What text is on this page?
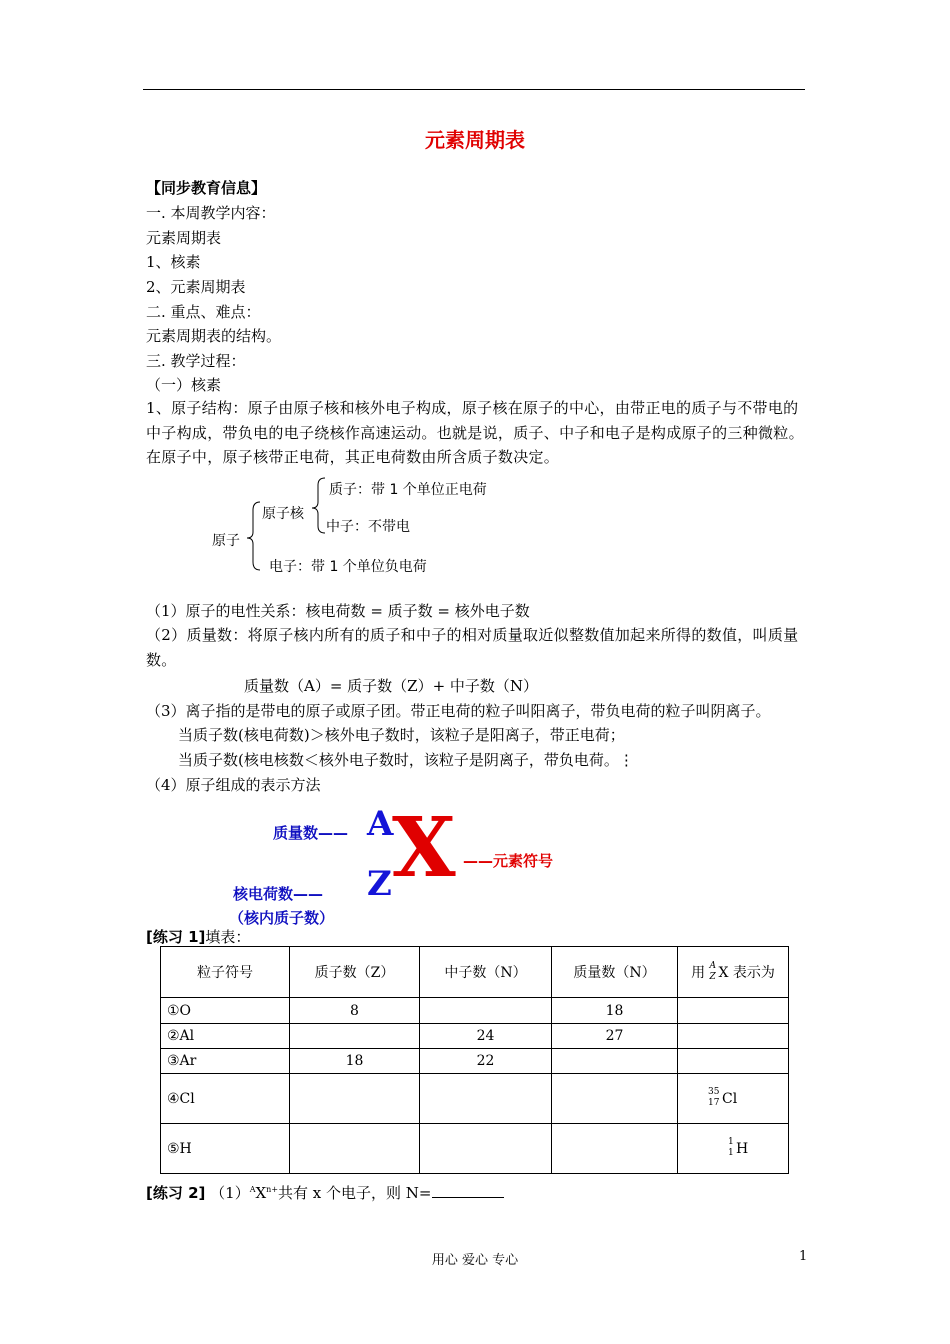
元素周期表
【同步教育信息】
一. 本周教学内容：
元素周期表
1、核素
2、元素周期表
二. 重点、难点：
元素周期表的结构。
三. 教学过程：
（一）核素
1、原子结构：原子由原子核和核外电子构成，原子核在原子的中心，由带正电的质子与不带电的中子构成，带负电的电子绕核作高速运动。也就是说，质子、中子和电子是构成原子的三种微粒。在原子中，原子核带正电荷，其正电荷数由所含质子数决定。
原子
原子核
质子：带 1 个单位正电荷
中子：不带电
电子：带 1 个单位负电荷
（1）原子的电性关系：核电荷数 = 质子数 = 核外电子数
（2）质量数：将原子核内所有的质子和中子的相对质量取近似整数值加起来所得的数值，叫质量数。
质量数（A）= 质子数（Z）+ 中子数（N）
（3）离子指的是带电的原子或原子团。带正电荷的粒子叫阳离子，带负电荷的粒子叫阴离子。
当质子数(核电荷数)＞核外电子数时，该粒子是阳离子，带正电荷；
当质子数(核电核数＜核外电子数时，该粒子是阴离子，带负电荷。⋮
（4）原子组成的表示方法
质量数——
核电荷数——
（核内质子数）
——元素符号
A
Z X
[练习 1]填表：
粒子符号	质子数（Z）	中子数（N）	质量数（N）	用 A
Z X 表示为
①O	8		18	
②Al		24	27	
③Ar	18	22		
④Cl				35
17 Cl
⑤H				1
1 H
[练习 2] $(1)^AX^{n+}$共有 x 个电子，则 N=
用心 爱心 专心	1
